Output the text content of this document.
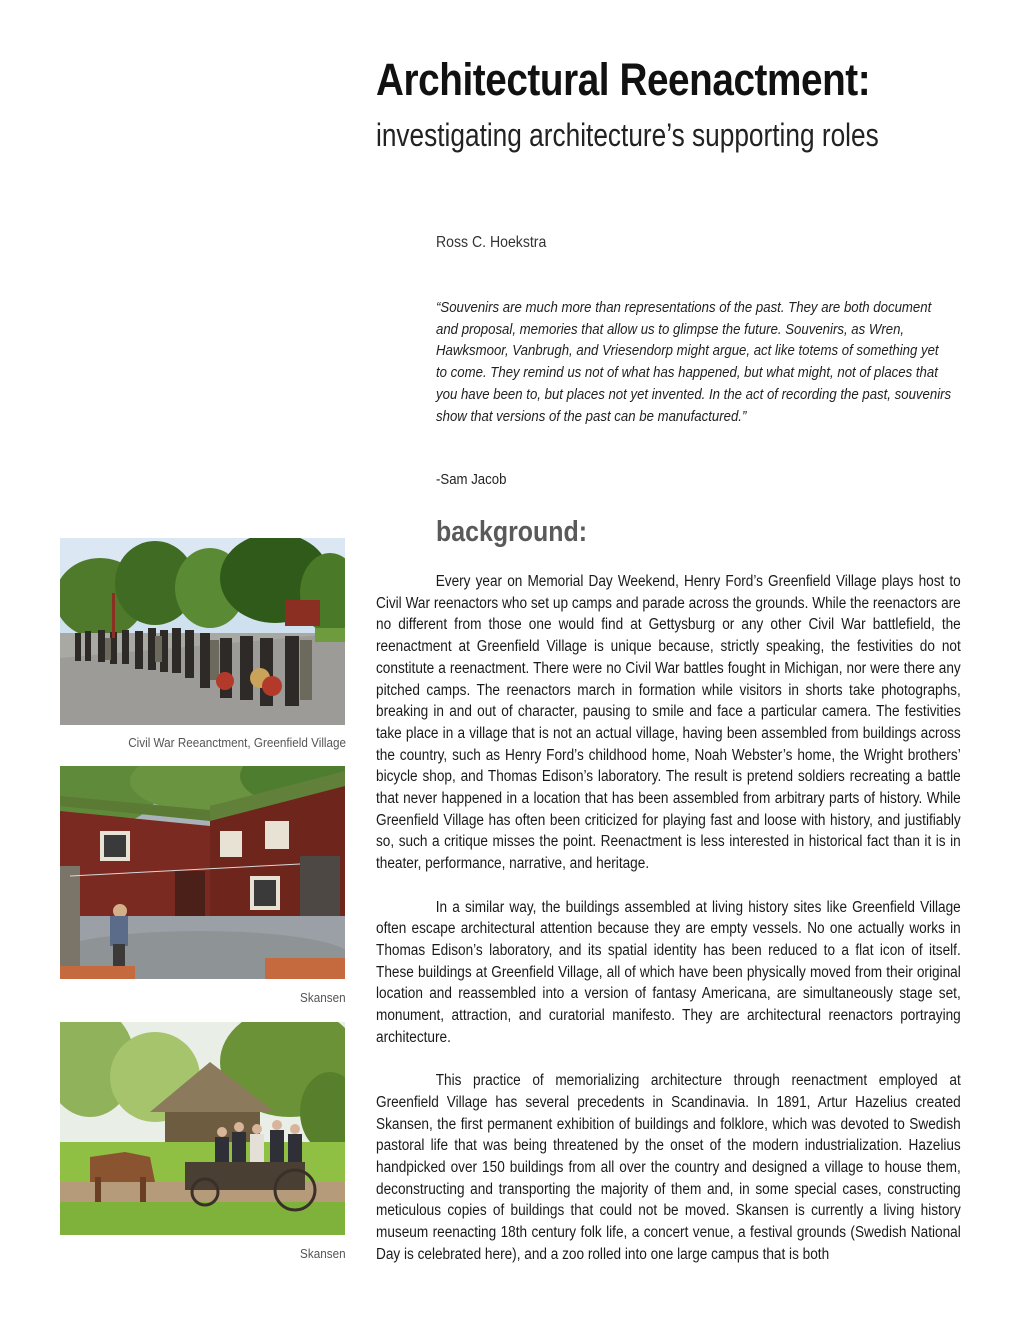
Architectural Reenactment:
investigating architecture’s supporting roles
Ross C. Hoekstra

“Souvenirs are much more than representations of the past. They are both document and proposal, memories that allow us to glimpse the future. Souvenirs, as Wren, Hawksmoor, Vanbrugh, and Vriesendorp might argue, act like totems of something yet to come. They remind us not of what has happened, but what might, not of places that you have been to, but places not yet invented. In the act of recording the past, souvenirs show that versions of the past can be manufactured.”

-Sam Jacob
background:

Every year on Memorial Day Weekend, Henry Ford’s Greenfield Village plays host to Civil War reenactors who set up camps and parade across the grounds. While the reenactors are no different from those one would find at Gettysburg or any other Civil War battlefield, the reenactment at Greenfield Village is unique because, strictly speaking, the festivities do not constitute a reenactment. There were no Civil War battles fought in Michigan, nor were there any pitched camps. The reenactors march in formation while visitors in shorts take photographs, breaking in and out of character, pausing to smile and face a particular camera. The festivities take place in a village that is not an actual village, having been assembled from buildings across the country, such as Henry Ford’s childhood home, Noah Webster’s home, the Wright brothers’ bicycle shop, and Thomas Edison’s laboratory. The result is pretend soldiers recreating a battle that never happened in a location that has been assembled from arbitrary parts of history. While Greenfield Village has often been criticized for playing fast and loose with history, and justifiably so, such a critique misses the point. Reenactment is less interested in historical fact than it is in theater, performance, narrative, and heritage.

In a similar way, the buildings assembled at living history sites like Greenfield Village often escape architectural attention because they are empty vessels. No one actually works in Thomas Edison’s laboratory, and its spatial identity has been reduced to a flat icon of itself. These buildings at Greenfield Village, all of which have been physically moved from their original location and reassembled into a version of fantasy Americana, are simultaneously stage set, monument, attraction, and curatorial manifesto. They are architectural reenactors portraying architecture.

This practice of memorializing architecture through reenactment employed at Greenfield Village has several precedents in Scandinavia. In 1891, Artur Hazelius created Skansen, the first permanent exhibition of buildings and folklore, which was devoted to Swedish pastoral life that was being threatened by the onset of the modern industrialization. Hazelius handpicked over 150 buildings from all over the country and designed a village to house them, deconstructing and transporting the majority of them and, in some special cases, constructing meticulous copies of buildings that could not be moved. Skansen is currently a living history museum reenacting 18th century folk life, a concert venue, a festival grounds (Swedish National Day is celebrated here), and a zoo rolled into one large campus that is both

Civil War Reeanctment, Greenfield Village
Skansen
Skansen
